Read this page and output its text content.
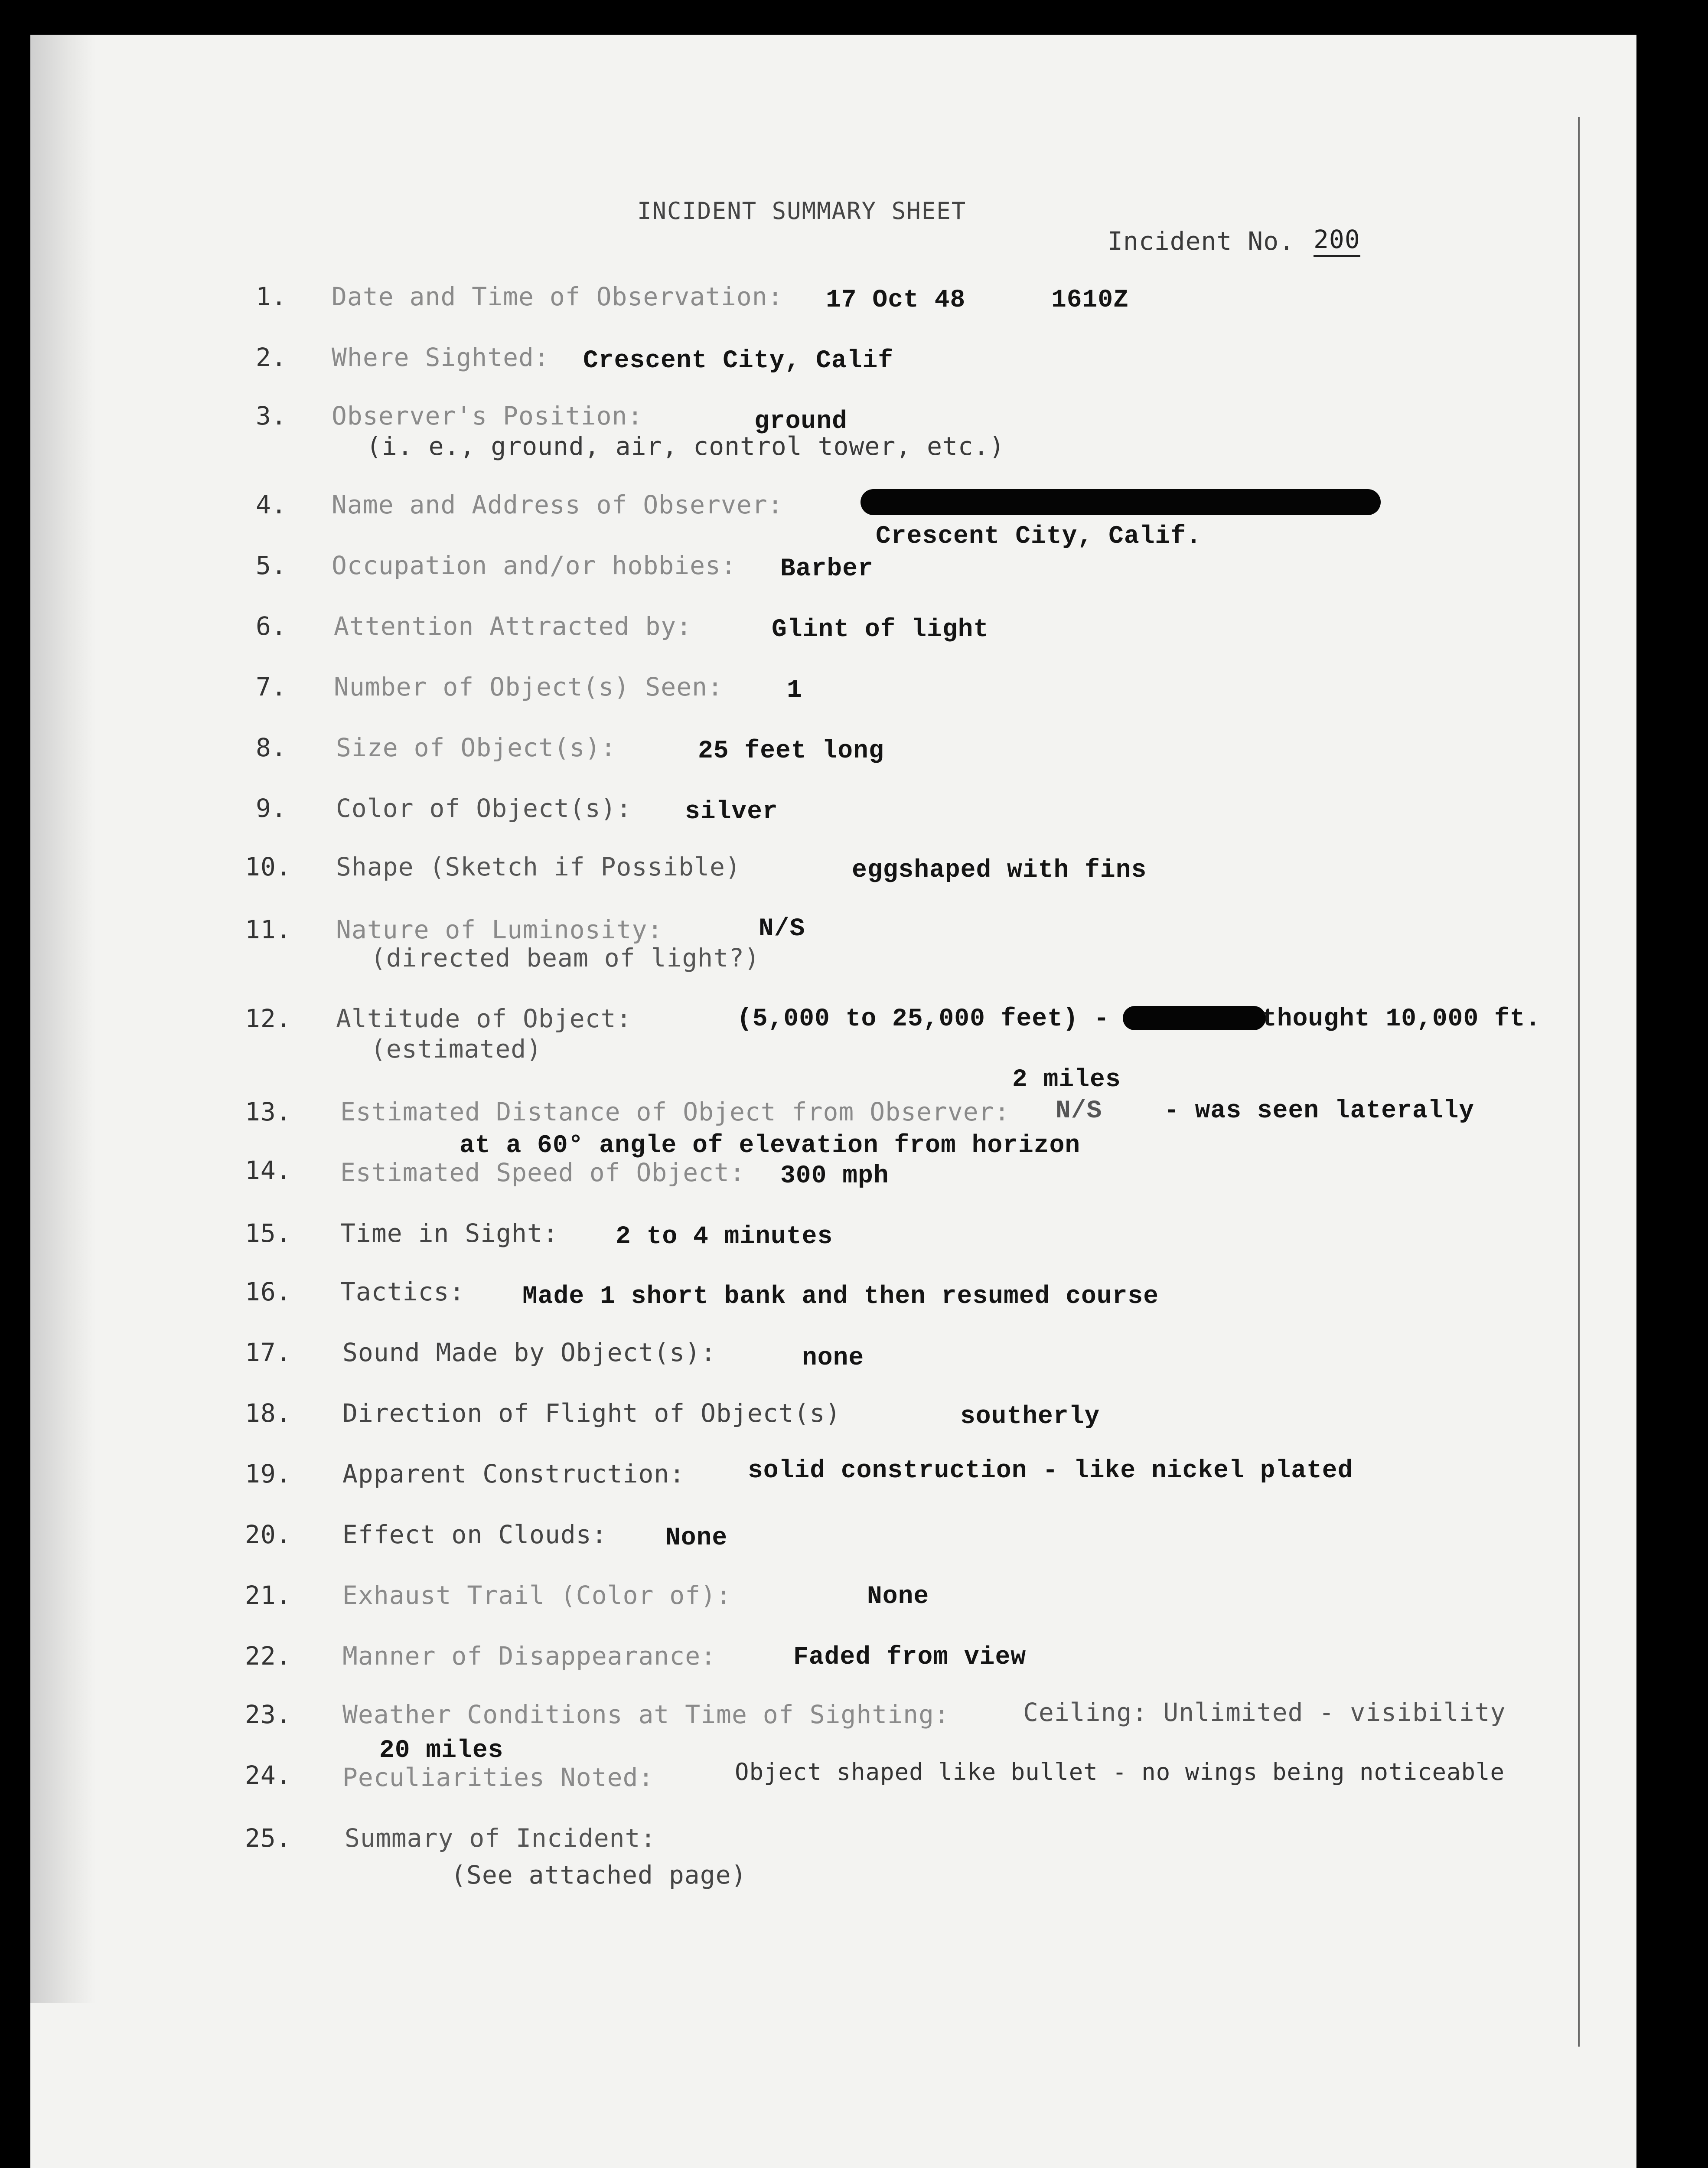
INCIDENT SUMMARY SHEET
Incident No. 200
1. Date and Time of Observation: 17 Oct 48	1610Z
2. Where Sighted: Crescent City, Calif
3. Observer's Position:	ground
(i. e., ground, air, control tower, etc.)
4. Name and Address of Observer:
Crescent City, Calif.
5. Occupation and/or hobbies: Barber
6. Attention Attracted by:	Glint of light
7. Number of Object(s) Seen:	1
8. Size of Object(s):	25 feet long
9. Color of Object(s): silver
10. Shape (Sketch if Possible)	eggshaped with fins
11. Nature of Luminosity:	N/S
(directed beam of light?)
12. Altitude of Object:	(5,000 to 25,000 feet) -	thought 10,000 ft.
(estimated)
2 miles
13. Estimated Distance of Object from Observer: N/S - was seen laterally
at a 60° angle of elevation from horizon
14. Estimated Speed of Object: 300 mph
15. Time in Sight: 2 to 4 minutes
16. Tactics: Made 1 short bank and then resumed course
17. Sound Made by Object(s):	none
18. Direction of Flight of Object(s)	southerly
19. Apparent Construction: solid construction - like nickel plated
20. Effect on Clouds: None
21. Exhaust Trail (Color of):	None
22. Manner of Disappearance:	Faded from view
23. Weather Conditions at Time of Sighting:	Ceiling: Unlimited - visibility
20 miles
24. Peculiarities Noted:	Object shaped like bullet - no wings being noticeable
25. Summary of Incident:
(See attached page)
